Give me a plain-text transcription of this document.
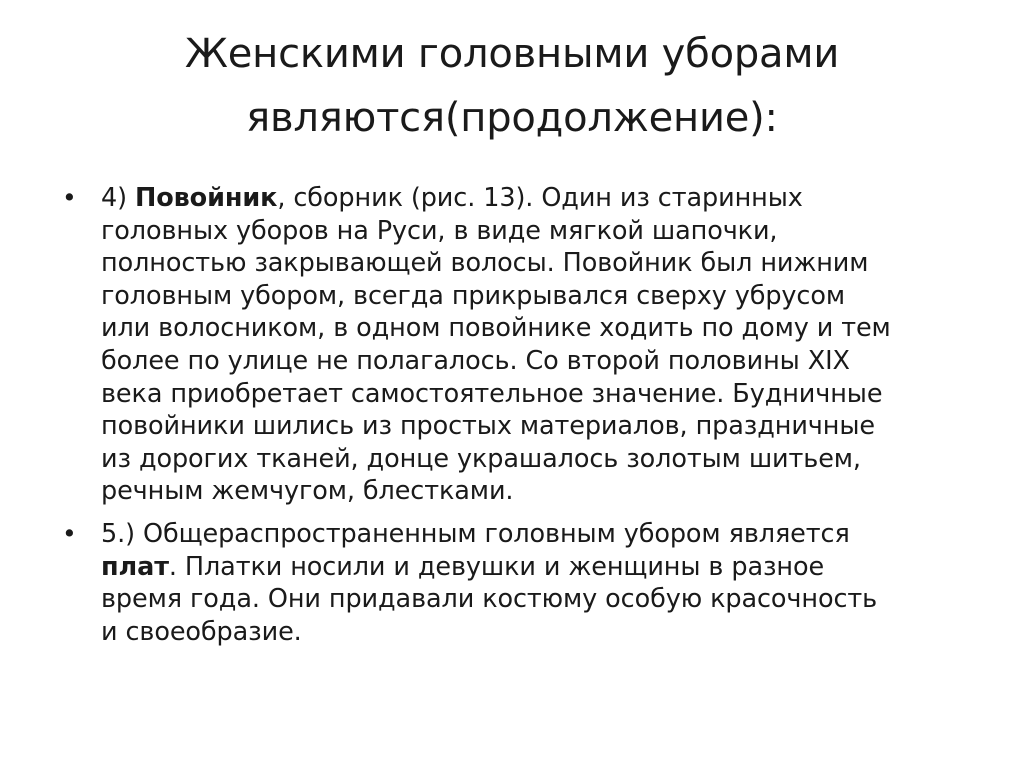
Женскими головными уборами
являются(продолжение):
• 4) Повойник, сборник (рис. 13). Один из старинных
головных уборов на Руси, в виде мягкой шапочки,
полностью закрывающей волосы. Повойник был нижним
головным убором, всегда прикрывался сверху убрусом
или волосником, в одном повойнике ходить по дому и тем
более по улице не полагалось. Со второй половины XIX
века приобретает самостоятельное значение. Будничные
повойники шились из простых материалов, праздничные
из дорогих тканей, донце украшалось золотым шитьем,
речным жемчугом, блестками.
• 5.) Общераспространенным головным убором является
плат. Платки носили и девушки и женщины в разное
время года. Они придавали костюму особую красочность
и своеобразие.
